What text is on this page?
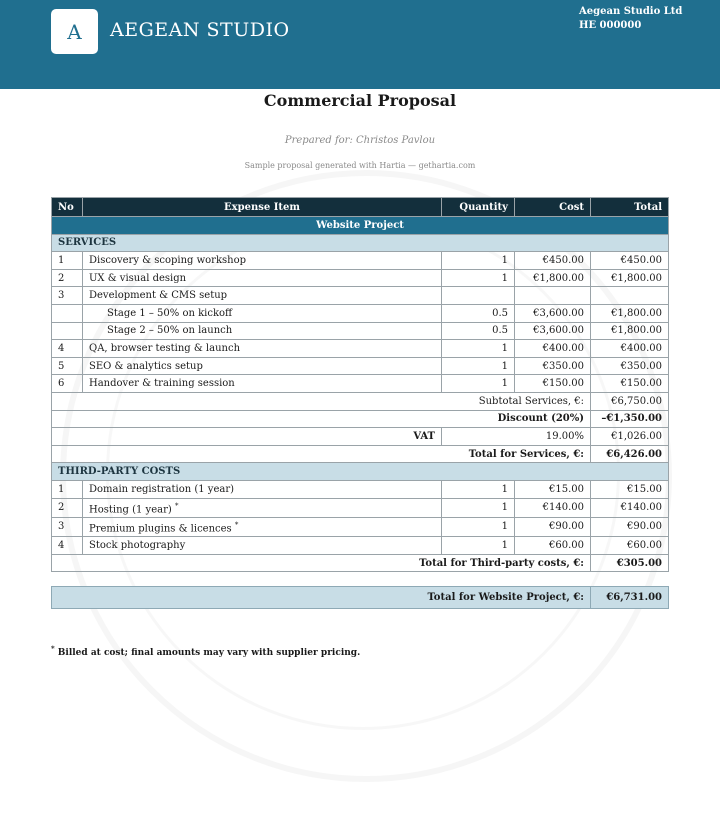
A AEGEAN STUDIO
Aegean Studio Ltd
HE 000000
Commercial Proposal
Prepared for: Christos Pavlou
Sample proposal generated with Hartia — gethartia.com
No	Expense Item	Quantity	Cost	Total
Website Project				
SERVICES				
1	Discovery & scoping workshop	1	€450.00	€450.00
2	UX & visual design	1	€1,800.00	€1,800.00
3	Development & CMS setup			
	Stage 1 – 50% on kickoff	0.5	€3,600.00	€1,800.00
	Stage 2 – 50% on launch	0.5	€3,600.00	€1,800.00
4	QA, browser testing & launch	1	€400.00	€400.00
5	SEO & analytics setup	1	€350.00	€350.00
6	Handover & training session	1	€150.00	€150.00
Subtotal Services, €:				€6,750.00
Discount (20%)				–€1,350.00
VAT		19.00%		€1,026.00
Total for Services, €:				€6,426.00
THIRD-PARTY COSTS				
1	Domain registration (1 year)	1	€15.00	€15.00
2	Hosting (1 year) *	1	€140.00	€140.00
3	Premium plugins & licences *	1	€90.00	€90.00
4	Stock photography	1	€60.00	€60.00
Total for Third-party costs, €:				€305.00
Total for Website Project, €:	€6,731.00
* Billed at cost; final amounts may vary with supplier pricing.
